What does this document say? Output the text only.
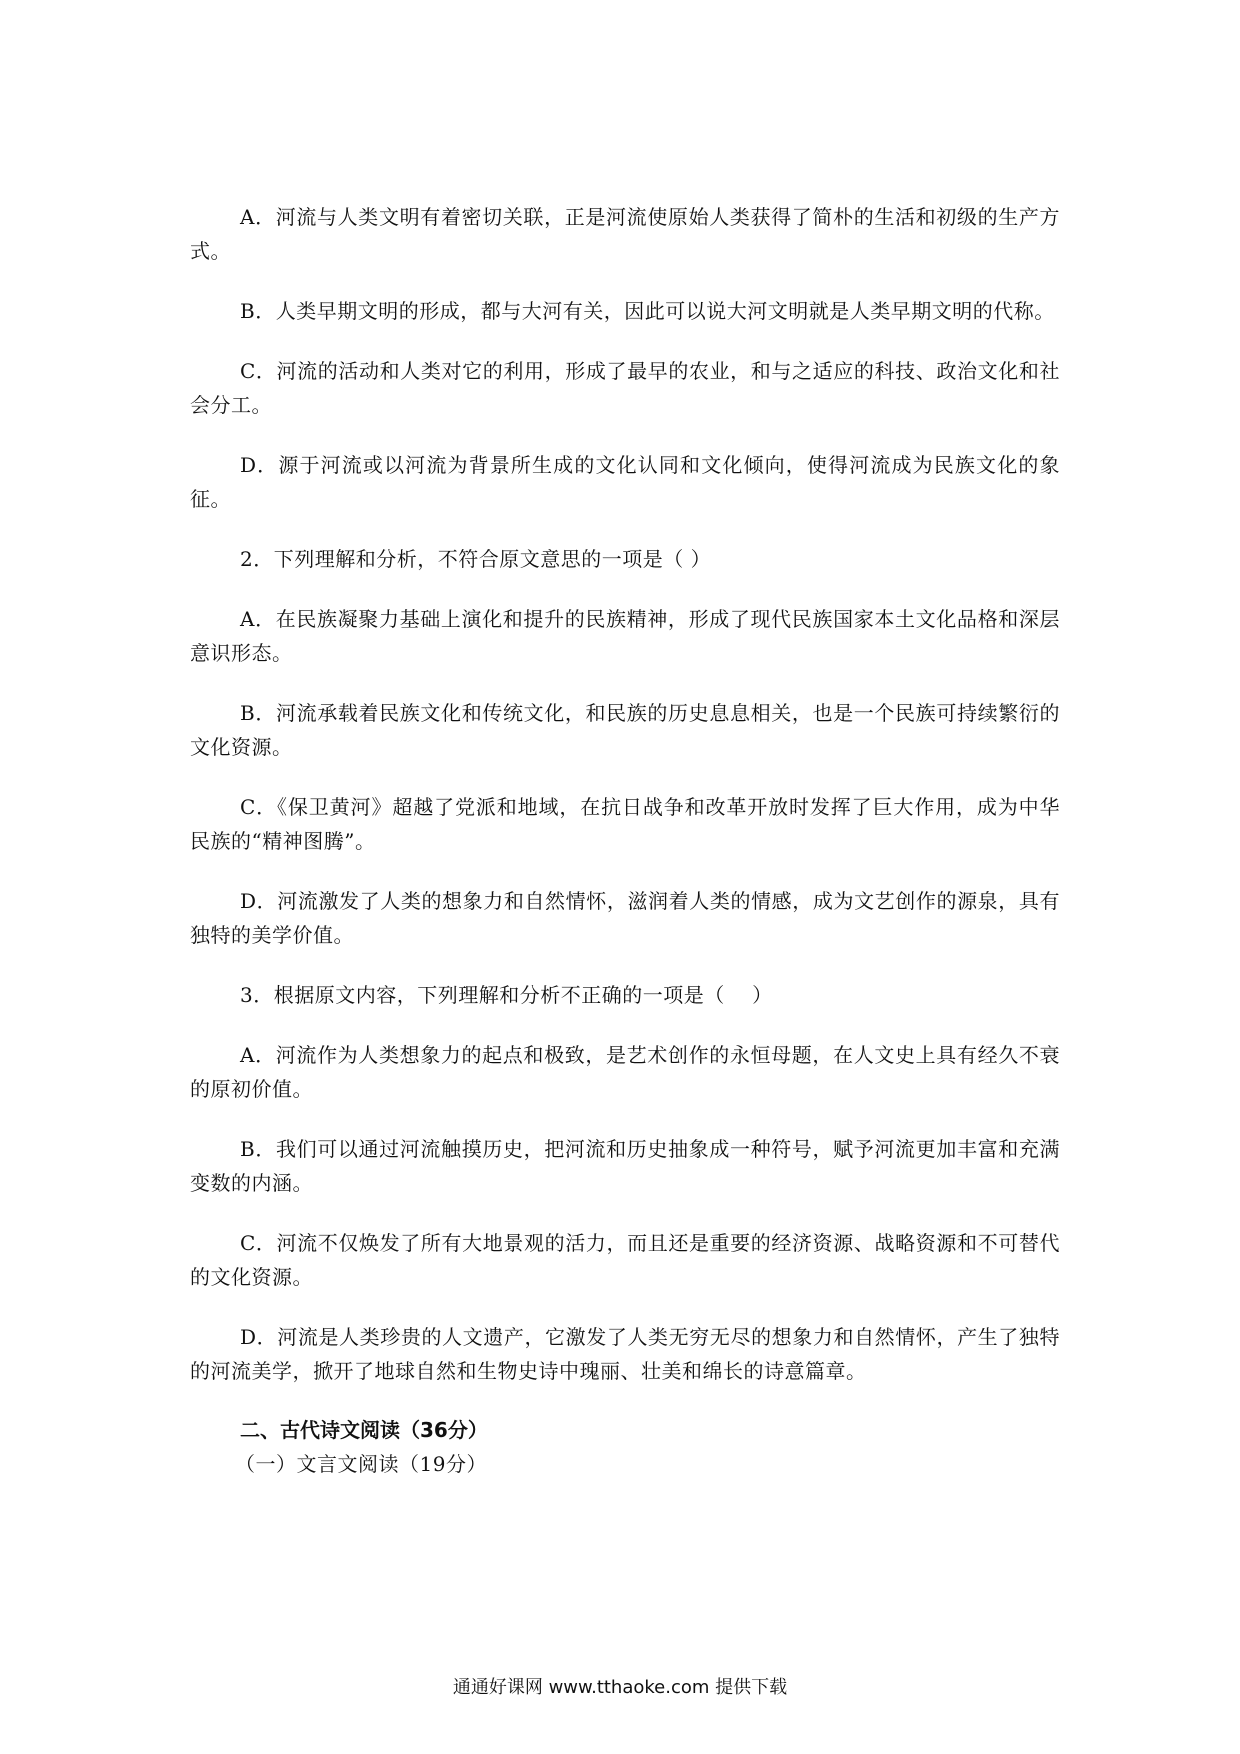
A．河流与人类文明有着密切关联，正是河流使原始人类获得了简朴的生活和初级的生产方式。

B．人类早期文明的形成，都与大河有关，因此可以说大河文明就是人类早期文明的代称。

C．河流的活动和人类对它的利用，形成了最早的农业，和与之适应的科技、政治文化和社会分工。

D．源于河流或以河流为背景所生成的文化认同和文化倾向，使得河流成为民族文化的象征。

2．下列理解和分析，不符合原文意思的一项是（ ）

A．在民族凝聚力基础上演化和提升的民族精神，形成了现代民族国家本土文化品格和深层意识形态。

B．河流承载着民族文化和传统文化，和民族的历史息息相关，也是一个民族可持续繁衍的文化资源。

C．《保卫黄河》超越了党派和地域，在抗日战争和改革开放时发挥了巨大作用，成为中华民族的“精神图腾”。

D．河流激发了人类的想象力和自然情怀，滋润着人类的情感，成为文艺创作的源泉，具有独特的美学价值。

3．根据原文内容，下列理解和分析不正确的一项是（　 ）

A．河流作为人类想象力的起点和极致，是艺术创作的永恒母题，在人文史上具有经久不衰的原初价值。

B．我们可以通过河流触摸历史，把河流和历史抽象成一种符号，赋予河流更加丰富和充满变数的内涵。

C．河流不仅焕发了所有大地景观的活力，而且还是重要的经济资源、战略资源和不可替代的文化资源。

D．河流是人类珍贵的人文遗产，它激发了人类无穷无尽的想象力和自然情怀，产生了独特的河流美学，掀开了地球自然和生物史诗中瑰丽、壮美和绵长的诗意篇章。

二、古代诗文阅读（36分）
（一）文言文阅读（19分）
通通好课网 www.tthaoke.com 提供下载
